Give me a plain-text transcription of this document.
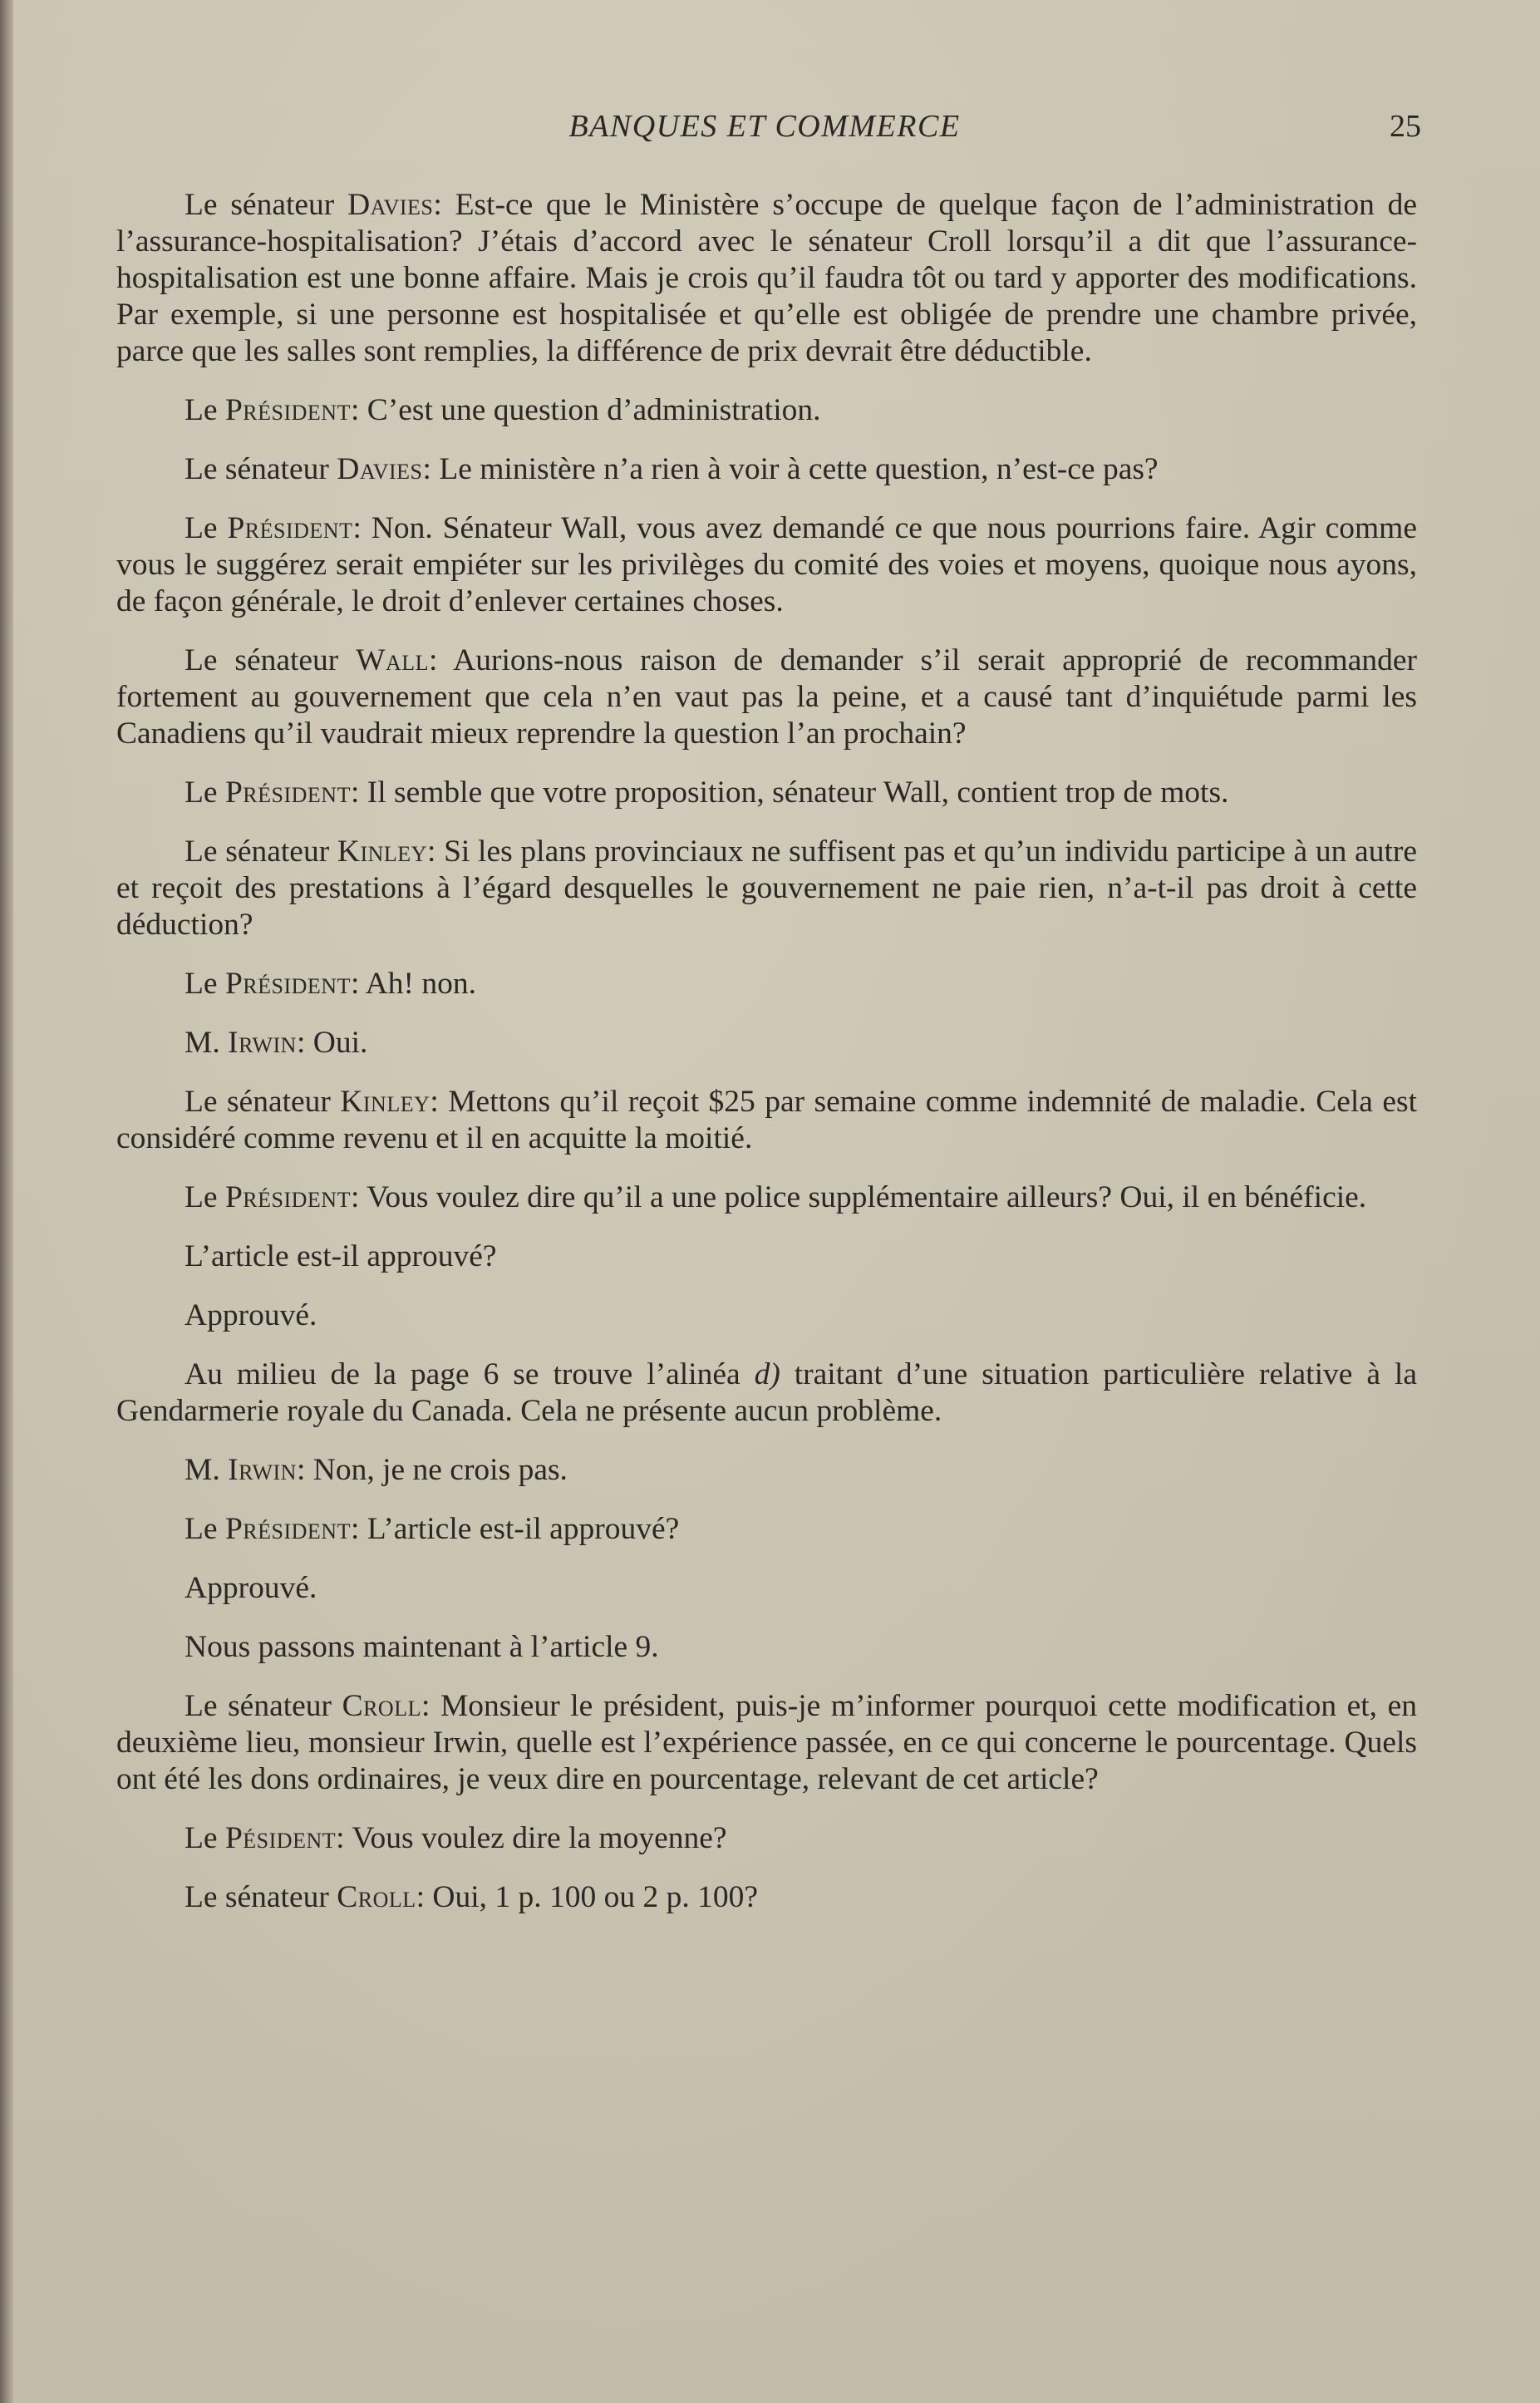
BANQUES ET COMMERCE	25

Le sénateur Davies: Est-ce que le Ministère s’occupe de quelque façon de l’administration de l’assurance-hospitalisation? J’étais d’accord avec le sénateur Croll lorsqu’il a dit que l’assurance-hospitalisation est une bonne affaire. Mais je crois qu’il faudra tôt ou tard y apporter des modifications. Par exemple, si une personne est hospitalisée et qu’elle est obligée de prendre une chambre privée, parce que les salles sont remplies, la différence de prix devrait être déductible.

Le Président: C’est une question d’administration.

Le sénateur Davies: Le ministère n’a rien à voir à cette question, n’est-ce pas?

Le Président: Non. Sénateur Wall, vous avez demandé ce que nous pourrions faire. Agir comme vous le suggérez serait empiéter sur les privilèges du comité des voies et moyens, quoique nous ayons, de façon générale, le droit d’enlever certaines choses.

Le sénateur Wall: Aurions-nous raison de demander s’il serait approprié de recommander fortement au gouvernement que cela n’en vaut pas la peine, et a causé tant d’inquiétude parmi les Canadiens qu’il vaudrait mieux reprendre la question l’an prochain?

Le Président: Il semble que votre proposition, sénateur Wall, contient trop de mots.

Le sénateur Kinley: Si les plans provinciaux ne suffisent pas et qu’un individu participe à un autre et reçoit des prestations à l’égard desquelles le gouvernement ne paie rien, n’a-t-il pas droit à cette déduction?

Le Président: Ah! non.

M. Irwin: Oui.

Le sénateur Kinley: Mettons qu’il reçoit $25 par semaine comme indemnité de maladie. Cela est considéré comme revenu et il en acquitte la moitié.

Le Président: Vous voulez dire qu’il a une police supplémentaire ailleurs? Oui, il en bénéficie.

L’article est-il approuvé?

Approuvé.

Au milieu de la page 6 se trouve l’alinéa d) traitant d’une situation particulière relative à la Gendarmerie royale du Canada. Cela ne présente aucun problème.

M. Irwin: Non, je ne crois pas.

Le Président: L’article est-il approuvé?

Approuvé.

Nous passons maintenant à l’article 9.

Le sénateur Croll: Monsieur le président, puis-je m’informer pourquoi cette modification et, en deuxième lieu, monsieur Irwin, quelle est l’expérience passée, en ce qui concerne le pourcentage. Quels ont été les dons ordinaires, je veux dire en pourcentage, relevant de cet article?

Le Pésident: Vous voulez dire la moyenne?

Le sénateur Croll: Oui, 1 p. 100 ou 2 p. 100?
